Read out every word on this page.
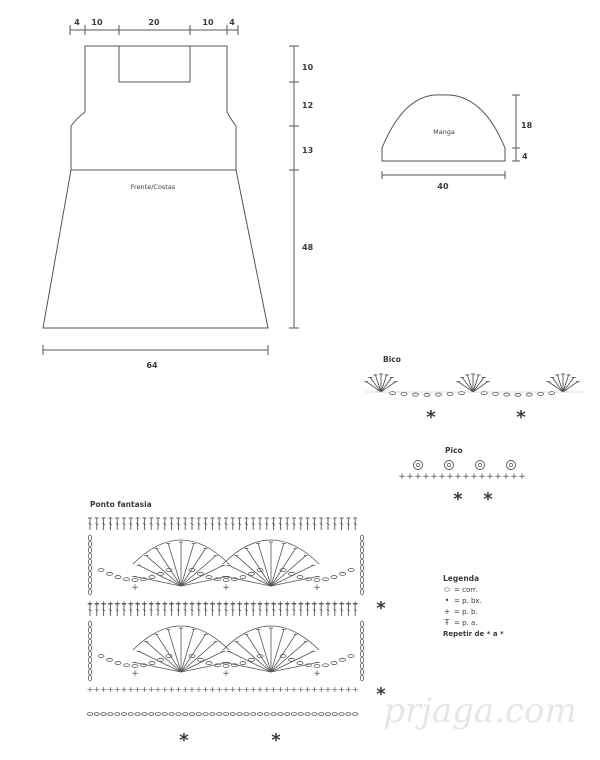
4 10	20	10 4
10
12
13
48
64
Frente/Costas
Manga
18
4
40
Bico
*	*
Pico
+ + + + + + + + + + + + + + + +
* *
Ponto fantasia
+	+	+
+ + + + + + + + + + + + + + + + + + + + + + + + + + + + + + + + + + + + + + + +
+	+	+
+ + + + + + + + + + + + + + + + + + + + + + + + + + + + + + + + + + + + + + + +
*
*
*	*
Legenda
⬭ = corr.
• = p. bx.
+ = p. b.
Ŧ = p. a.
Repetir de * a *
prjaga.com
